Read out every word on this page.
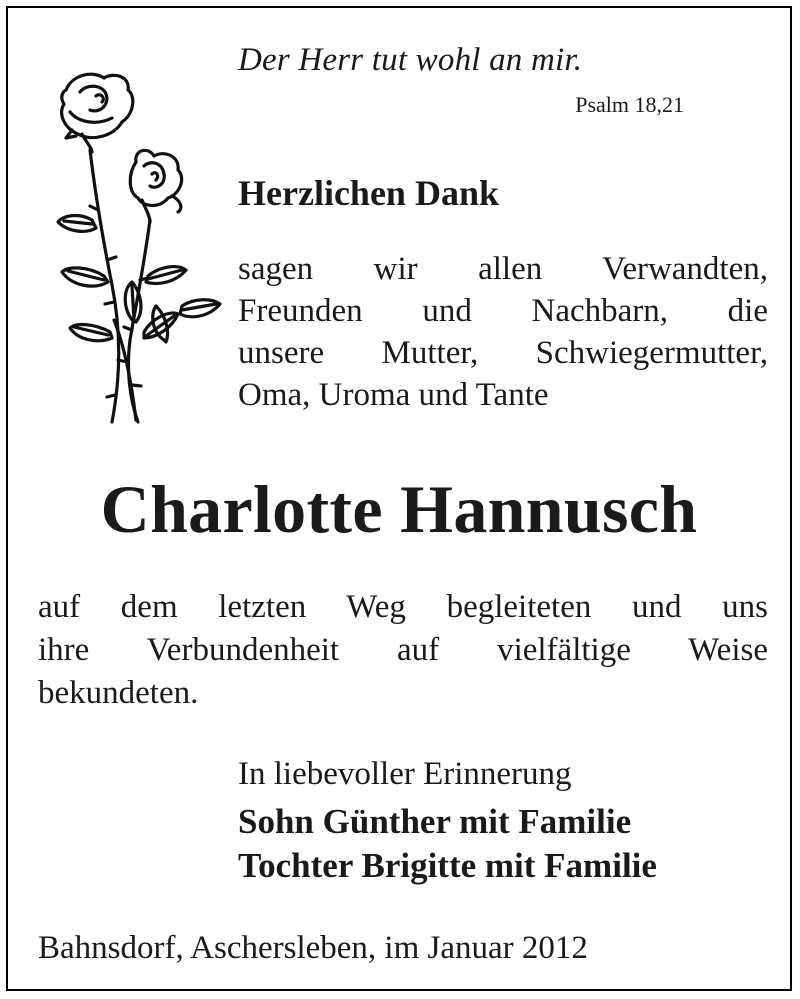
Der Herr tut wohl an mir.
Psalm 18,21
Herzlichen Dank
sagen wir allen Verwandten,
Freunden und Nachbarn, die
unsere Mutter, Schwiegermutter,
Oma, Uroma und Tante
Charlotte Hannusch
auf dem letzten Weg begleiteten und uns
ihre Verbundenheit auf vielfältige Weise
bekundeten.
In liebevoller Erinnerung
Sohn Günther mit Familie
Tochter Brigitte mit Familie
Bahnsdorf, Aschersleben, im Januar 2012
